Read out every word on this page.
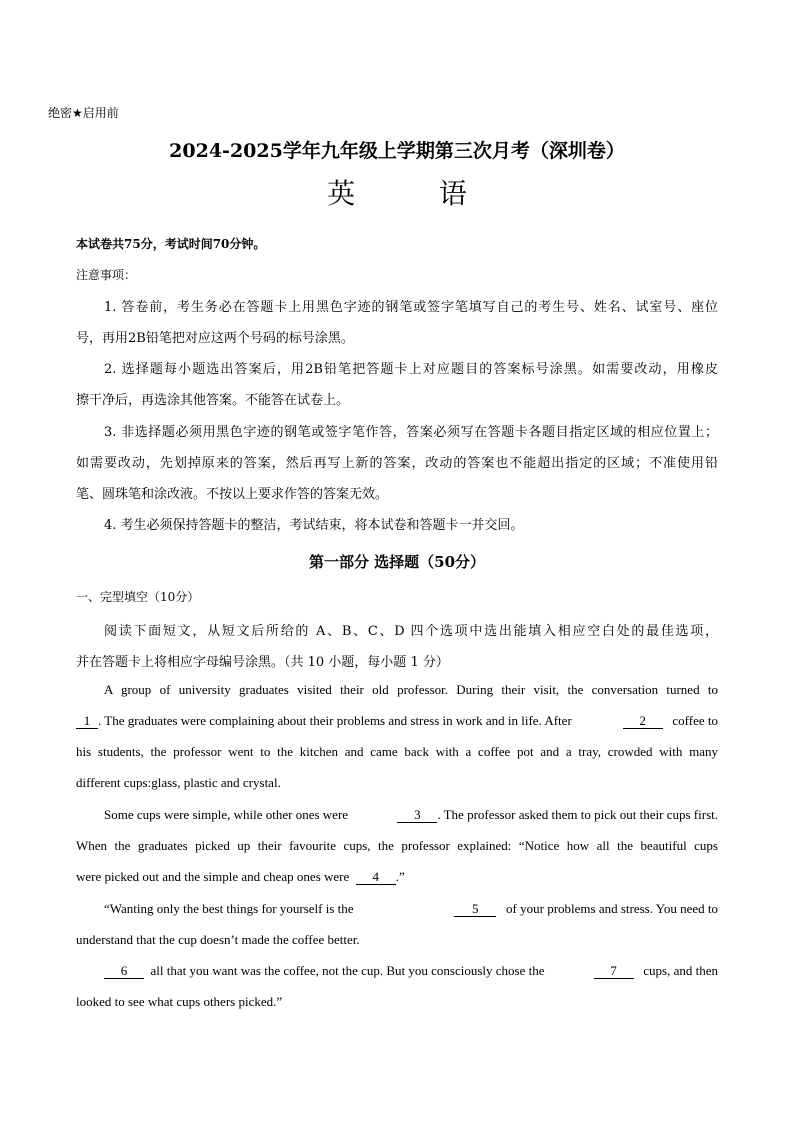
绝密★启用前
2024-2025学年九年级上学期第三次月考（深圳卷）
英  语
本试卷共75分，考试时间70分钟。
注意事项：
1. 答卷前，考生务必在答题卡上用黑色字迹的钢笔或签字笔填写自己的考生号、姓名、试室号、座位
号，再用2B铅笔把对应这两个号码的标号涂黑。
2. 选择题每小题选出答案后，用2B铅笔把答题卡上对应题目的答案标号涂黑。如需要改动，用橡皮
擦干净后，再选涂其他答案。不能答在试卷上。
3. 非选择题必须用黑色字迹的钢笔或签字笔作答，答案必须写在答题卡各题目指定区域的相应位置上；
如需要改动，先划掉原来的答案，然后再写上新的答案，改动的答案也不能超出指定的区域；不准使用铅
笔、圆珠笔和涂改液。不按以上要求作答的答案无效。
4. 考生必须保持答题卡的整洁，考试结束，将本试卷和答题卡一并交回。
第一部分 选择题（50分）
一、完型填空（10分）
阅读下面短文，从短文后所给的 A、B、C、D 四个选项中选出能填入相应空白处的最佳选项，
并在答题卡上将相应字母编号涂黑。（共 10 小题，每小题 1 分）
A group of university graduates visited their old professor. During their visit, the conversation turned to
1 . The graduates were complaining about their problems and stress in work and in life. After	2 coffee to
his students, the professor went to the kitchen and came back with a coffee pot and a tray, crowded with many
different cups:glass, plastic and crystal.
Some cups were simple, while other ones were	3 . The professor asked them to pick out their cups first.
When the graduates picked up their favourite cups, the professor explained: “Notice how all the beautiful cups
were picked out and the simple and cheap ones were 4 .”
“Wanting only the best things for yourself is the	5 of your problems and stress. You need to
understand that the cup doesn’t made the coffee better.
6 all that you want was the coffee, not the cup. But you consciously chose the	7 cups, and then
looked to see what cups others picked.”
